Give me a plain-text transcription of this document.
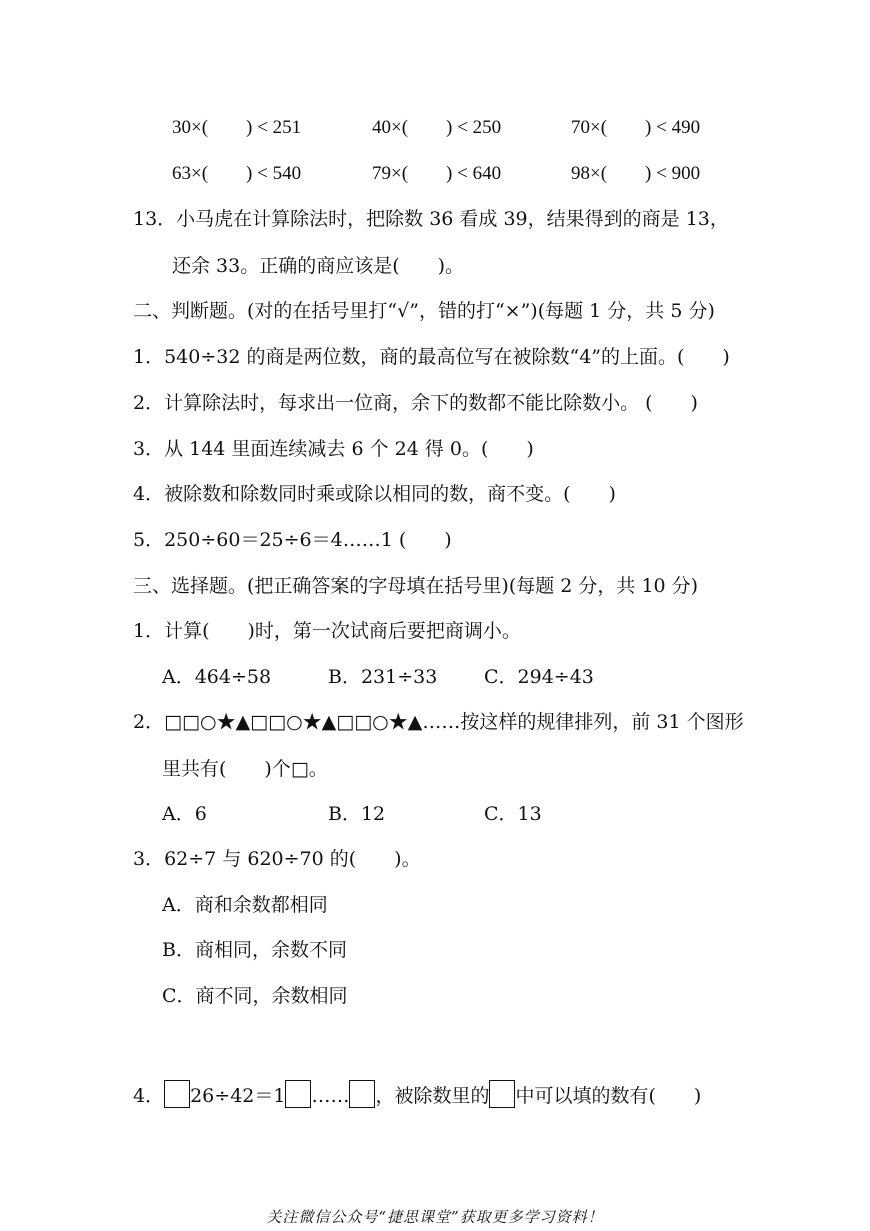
30×(  ) < 251	40×(  ) < 250	70×(  ) < 490
63×(  ) < 540	79×(  ) < 640	98×(  ) < 900
13．小马虎在计算除法时，把除数 36 看成 39，结果得到的商是 13，
还余 33。正确的商应该是(  )。
二、判断题。(对的在括号里打“√”，错的打“×”)(每题 1 分，共 5 分)
1．540÷32 的商是两位数，商的最高位写在被除数“4”的上面。(  )
2．计算除法时，每求出一位商，余下的数都不能比除数小。 (  )
3．从 144 里面连续减去 6 个 24 得 0。(  )
4．被除数和除数同时乘或除以相同的数，商不变。(  )
5．250÷60＝25÷6＝4……1 (  )
三、选择题。(把正确答案的字母填在括号里)(每题 2 分，共 10 分)
1．计算(  )时，第一次试商后要把商调小。
A．464÷58	B．231÷33 C．294÷43
2．□□○★▲□□○★▲□□○★▲……按这样的规律排列，前 31 个图形
里共有(  )个□。
A．6	B．12	C．13
3．62÷7 与 620÷70 的(  )。
A．商和余数都相同
B．商相同，余数不同
C．商不同，余数相同
4． 26÷42＝1 …… ，被除数里的 中可以填的数有(  )
关注微信公众号“捷思课堂”获取更多学习资料！
